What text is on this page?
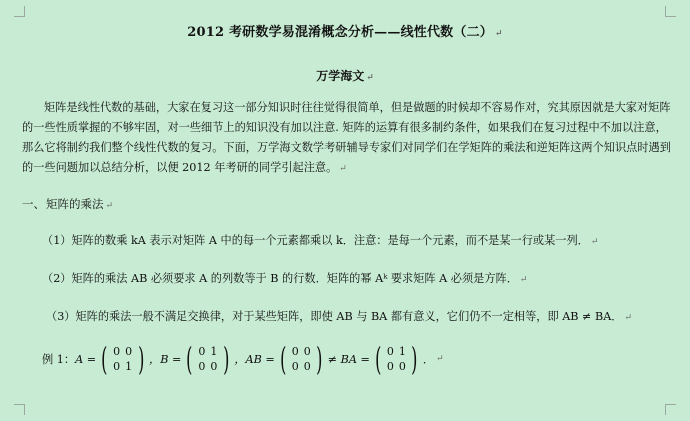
2012 考研数学易混淆概念分析——线性代数（二） ↵
万学海文 ↵

矩阵是线性代数的基础，大家在复习这一部分知识时往往觉得很简单，但是做题的时候却不容易作对，究其原因就是大家对矩阵的一些性质掌握的不够牢固，对一些细节上的知识没有加以注意. 矩阵的运算有很多制约条件，如果我们在复习过程中不加以注意，那么它将制约我们整个线性代数的复习。下面，万学海文数学考研辅导专家们对同学们在学矩阵的乘法和逆矩阵这两个知识点时遇到的一些问题加以总结分析，以便 2012 年考研的同学引起注意。 ↵

一、矩阵的乘法 ↵
（1）矩阵的数乘 kA 表示对矩阵 A 中的每一个元素都乘以 k．注意：是每一个元素，而不是某一行或某一列． ↵
（2）矩阵的乘法 AB 必须要求 A 的列数等于 B 的行数．矩阵的幂 Aᵏ 要求矩阵 A 必须是方阵． ↵
（3）矩阵的乘法一般不满足交换律，对于某些矩阵，即使 AB 与 BA 都有意义，它们仍不一定相等，即 AB ≠ BA． ↵
例 1： A = ( 0 0
0 1 ) ，B = ( 0 1
0 0 ) ，AB = ( 0 0
0 0 ) ≠ BA = ( 0 1
0 0 ) ． ↵
